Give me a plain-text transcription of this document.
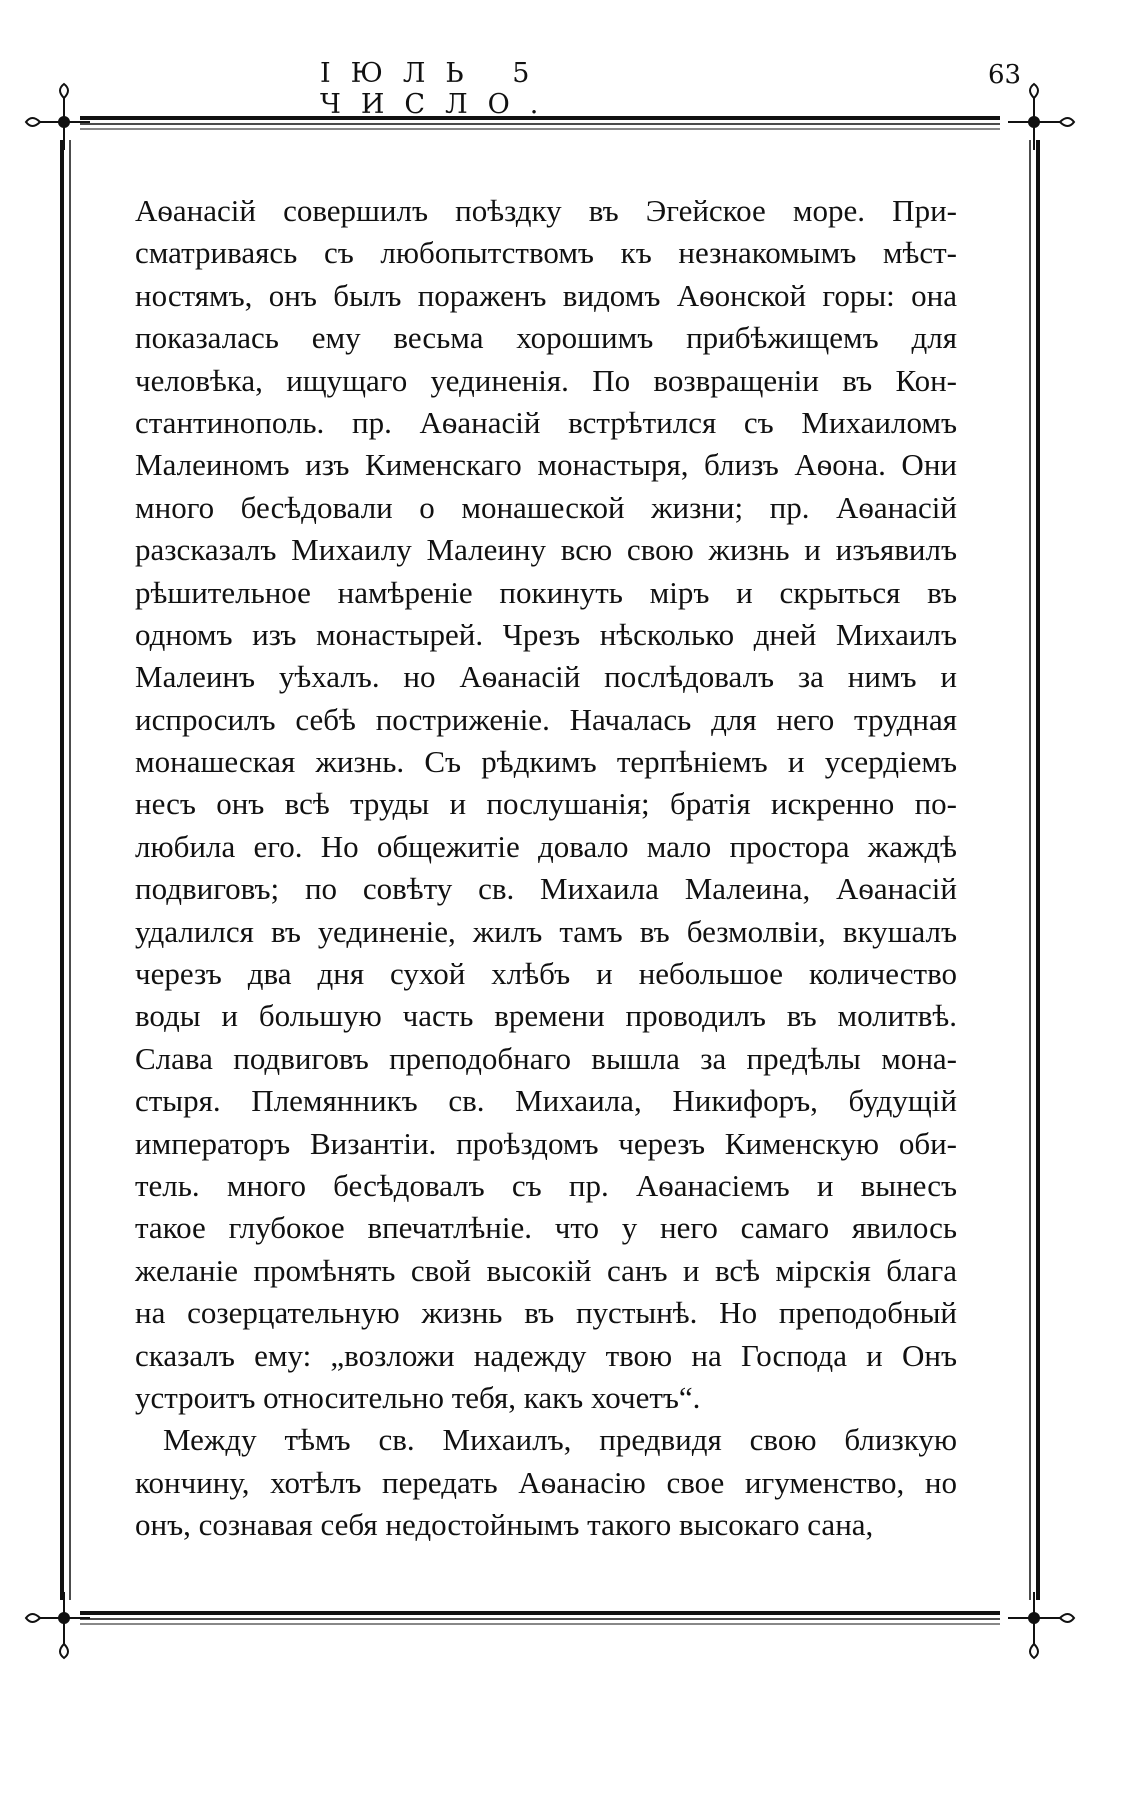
ІЮЛЬ 5 ЧИСЛО.
63
Аѳанасій совершилъ поѣздку въ Эгейское море. При-
сматриваясь съ любопытствомъ къ незнакомымъ мѣст-
ностямъ, онъ былъ пораженъ видомъ Аѳонской горы: она
показалась ему весьма хорошимъ прибѣжищемъ для
человѣка, ищущаго уединенія. По возвращеніи въ Кон-
стантинополь. пр. Аѳанасій встрѣтился съ Михаиломъ
Малеиномъ изъ Кименскаго монастыря, близъ Аѳона. Они
много бесѣдовали о монашеской жизни; пр. Аѳанасій
разсказалъ Михаилу Малеину всю свою жизнь и изъявилъ
рѣшительное намѣреніе покинуть міръ и скрыться въ
одномъ изъ монастырей. Чрезъ нѣсколько дней Михаилъ
Малеинъ уѣхалъ. но Аѳанасій послѣдовалъ за нимъ и
испросилъ себѣ постриженіе. Началась для него трудная
монашеская жизнь. Съ рѣдкимъ терпѣніемъ и усердіемъ
несъ онъ всѣ труды и послушанія; братія искренно по-
любила его. Но общежитіе довало мало простора жаждѣ
подвиговъ; по совѣту св. Михаила Малеина, Аѳанасій
удалился въ уединеніе, жилъ тамъ въ безмолвіи, вкушалъ
черезъ два дня сухой хлѣбъ и небольшое количество
воды и большую часть времени проводилъ въ молитвѣ.
Слава подвиговъ преподобнаго вышла за предѣлы мона-
стыря. Племянникъ св. Михаила, Никифоръ, будущій
императоръ Византіи. проѣздомъ черезъ Кименскую оби-
тель. много бесѣдовалъ съ пр. Аѳанасіемъ и вынесъ
такое глубокое впечатлѣніе. что у него самаго явилось
желаніе промѣнять свой высокій санъ и всѣ мірскія блага
на созерцательную жизнь въ пустынѣ. Но преподобный
сказалъ ему: „возложи надежду твою на Господа и Онъ
устроитъ относительно тебя, какъ хочетъ“.
Между тѣмъ св. Михаилъ, предвидя свою близкую
кончину, хотѣлъ передать Аѳанасію свое игуменство, но
онъ, сознавая себя недостойнымъ такого высокаго сана,
